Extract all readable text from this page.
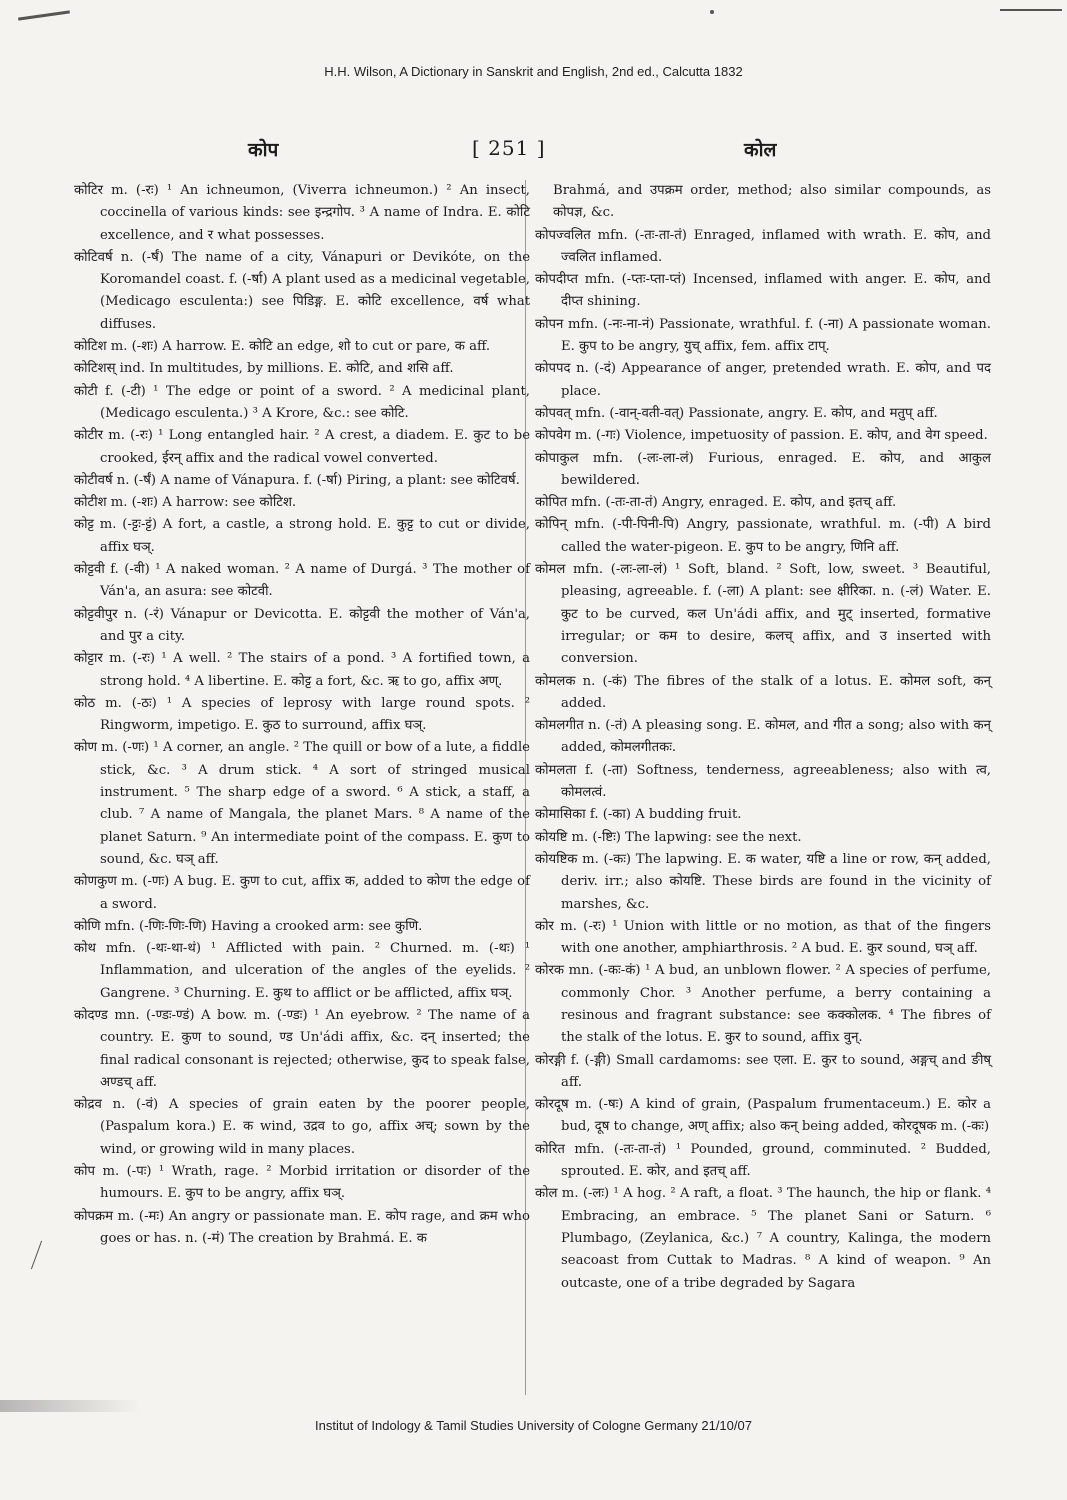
H.H. Wilson, A Dictionary in Sanskrit and English, 2nd ed., Calcutta 1832
कोप	[ 251 ]	कोल

कोटिर m. (-रः) ¹ An ichneumon, (Viverra ichneumon.) ² An insect, coccinella of various kinds: see इन्द्रगोप. ³ A name of Indra. E. कोटि excellence, and र what possesses.

कोटिवर्ष n. (-र्षं) The name of a city, Vánapuri or Devikóte, on the Koromandel coast. f. (-र्षा) A plant used as a medicinal vegetable, (Medicago esculenta:) see पिडिङ्ग. E. कोटि excellence, वर्ष what diffuses.

कोटिश m. (-शः) A harrow. E. कोटि an edge, शो to cut or pare, क aff.

कोटिशस् ind. In multitudes, by millions. E. कोटि, and शसि aff.

कोटी f. (-टी) ¹ The edge or point of a sword. ² A medicinal plant, (Medicago esculenta.) ³ A Krore, &c.: see कोटि.

कोटीर m. (-रः) ¹ Long entangled hair. ² A crest, a diadem. E. कुट to be crooked, ईरन् affix and the radical vowel converted.

कोटीवर्ष n. (-र्षं) A name of Vánapura. f. (-र्षा) Piring, a plant: see कोटिवर्ष.

कोटीश m. (-शः) A harrow: see कोटिश.

कोट्ट m. (-ट्टः-ट्टं) A fort, a castle, a strong hold. E. कुट्ट to cut or divide, affix घञ्.

कोट्टवी f. (-वी) ¹ A naked woman. ² A name of Durgá. ³ The mother of Ván'a, an asura: see कोटवी.

कोट्टवीपुर n. (-रं) Vánapur or Devicotta. E. कोट्टवी the mother of Ván'a, and पुर a city.

कोट्टार m. (-रः) ¹ A well. ² The stairs of a pond. ³ A fortified town, a strong hold. ⁴ A libertine. E. कोट्ट a fort, &c. ऋ to go, affix अण्.

कोठ m. (-ठः) ¹ A species of leprosy with large round spots. ² Ringworm, impetigo. E. कुठ to surround, affix घञ्.

कोण m. (-णः) ¹ A corner, an angle. ² The quill or bow of a lute, a fiddle stick, &c. ³ A drum stick. ⁴ A sort of stringed musical instrument. ⁵ The sharp edge of a sword. ⁶ A stick, a staff, a club. ⁷ A name of Mangala, the planet Mars. ⁸ A name of the planet Saturn. ⁹ An intermediate point of the compass. E. कुण to sound, &c. घञ् aff.

कोणकुण m. (-णः) A bug. E. कुण to cut, affix क, added to कोण the edge of a sword.

कोणि mfn. (-णिः-णिः-णि) Having a crooked arm: see कुणि.

कोथ mfn. (-थः-था-थं) ¹ Afflicted with pain. ² Churned. m. (-थः) ¹ Inflammation, and ulceration of the angles of the eyelids. ² Gangrene. ³ Churning. E. कुथ to afflict or be afflicted, affix घञ्.

कोदण्ड mn. (-ण्डः-ण्डं) A bow. m. (-ण्डः) ¹ An eyebrow. ² The name of a country. E. कुण to sound, ण्ड Un'ádi affix, &c. दन् inserted; the final radical consonant is rejected; otherwise, कुद to speak false, अण्डच् aff.

कोद्रव n. (-वं) A species of grain eaten by the poorer people, (Paspalum kora.) E. क wind, उद्रव to go, affix अच्; sown by the wind, or growing wild in many places.

कोप m. (-पः) ¹ Wrath, rage. ² Morbid irritation or disorder of the humours. E. कुप to be angry, affix घञ्.

कोपक्रम m. (-मः) An angry or passionate man. E. कोप rage, and क्रम who goes or has. n. (-मं) The creation by Brahmá. E. क

Brahmá, and उपक्रम order, method; also similar compounds, as कोपज्ञ, &c.

कोपज्वलित mfn. (-तः-ता-तं) Enraged, inflamed with wrath. E. कोप, and ज्वलित inflamed.

कोपदीप्त mfn. (-प्तः-प्ता-प्तं) Incensed, inflamed with anger. E. कोप, and दीप्त shining.

कोपन mfn. (-नः-ना-नं) Passionate, wrathful. f. (-ना) A passionate woman. E. कुप to be angry, युच् affix, fem. affix टाप्.

कोपपद n. (-दं) Appearance of anger, pretended wrath. E. कोप, and पद place.

कोपवत् mfn. (-वान्-वती-वत्) Passionate, angry. E. कोप, and मतुप् aff.

कोपवेग m. (-गः) Violence, impetuosity of passion. E. कोप, and वेग speed.

कोपाकुल mfn. (-लः-ला-लं) Furious, enraged. E. कोप, and आकुल bewildered.

कोपित mfn. (-तः-ता-तं) Angry, enraged. E. कोप, and इतच् aff.

कोपिन् mfn. (-पी-पिनी-पि) Angry, passionate, wrathful. m. (-पी) A bird called the water-pigeon. E. कुप to be angry, णिनि aff.

कोमल mfn. (-लः-ला-लं) ¹ Soft, bland. ² Soft, low, sweet. ³ Beautiful, pleasing, agreeable. f. (-ला) A plant: see क्षीरिका. n. (-लं) Water. E. कुट to be curved, कल Un'ádi affix, and मुट् inserted, formative irregular; or कम to desire, कलच् affix, and उ inserted with conversion.

कोमलक n. (-कं) The fibres of the stalk of a lotus. E. कोमल soft, कन् added.

कोमलगीत n. (-तं) A pleasing song. E. कोमल, and गीत a song; also with कन् added, कोमलगीतकः.

कोमलता f. (-ता) Softness, tenderness, agreeableness; also with त्व, कोमलत्वं.

कोमासिका f. (-का) A budding fruit.

कोयष्टि m. (-ष्टिः) The lapwing: see the next.

कोयष्टिक m. (-कः) The lapwing. E. क water, यष्टि a line or row, कन् added, deriv. irr.; also कोयष्टि. These birds are found in the vicinity of marshes, &c.

कोर m. (-रः) ¹ Union with little or no motion, as that of the fingers with one another, amphiarthrosis. ² A bud. E. कुर sound, घञ् aff.

कोरक mn. (-कः-कं) ¹ A bud, an unblown flower. ² A species of perfume, commonly Chor. ³ Another perfume, a berry containing a resinous and fragrant substance: see कक्कोलक. ⁴ The fibres of the stalk of the lotus. E. कुर to sound, affix वुन्.

कोरङ्गी f. (-ङ्गी) Small cardamoms: see एला. E. कुर to sound, अङ्गच् and ङीष् aff.

कोरदूष m. (-षः) A kind of grain, (Paspalum frumentaceum.) E. कोर a bud, दूष to change, अण् affix; also कन् being added, कोरदूषक m. (-कः)

कोरित mfn. (-तः-ता-तं) ¹ Pounded, ground, comminuted. ² Budded, sprouted. E. कोर, and इतच् aff.

कोल m. (-लः) ¹ A hog. ² A raft, a float. ³ The haunch, the hip or flank. ⁴ Embracing, an embrace. ⁵ The planet Sani or Saturn. ⁶ Plumbago, (Zeylanica, &c.) ⁷ A country, Kalinga, the modern seacoast from Cuttak to Madras. ⁸ A kind of weapon. ⁹ An outcaste, one of a tribe degraded by Sagara

Institut of Indology & Tamil Studies University of Cologne Germany 21/10/07
